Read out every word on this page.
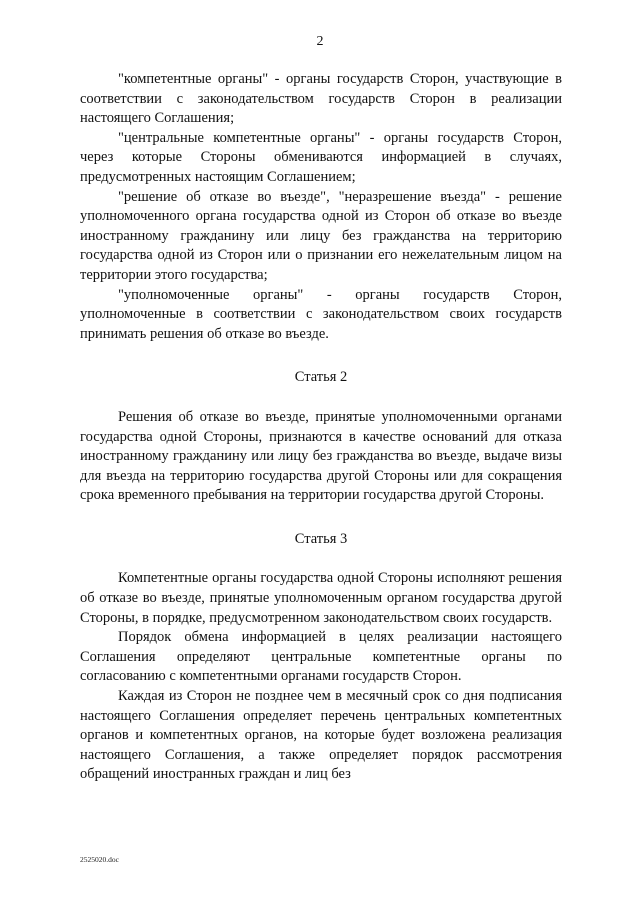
2

"компетентные органы" - органы государств Сторон, участвующие в соответствии с законодательством государств Сторон в реализации настоящего Соглашения;

"центральные компетентные органы" - органы государств Сторон, через которые Стороны обмениваются информацией в случаях, предусмотренных настоящим Соглашением;

"решение об отказе во въезде", "неразрешение въезда" - решение уполномоченного органа государства одной из Сторон об отказе во въезде иностранному гражданину или лицу без гражданства на территорию государства одной из Сторон или о признании его нежелательным лицом на территории этого государства;

"уполномоченные органы" - органы государств Сторон, уполномоченные в соответствии с законодательством своих государств принимать решения об отказе во въезде.

Статья 2

Решения об отказе во въезде, принятые уполномоченными органами государства одной Стороны, признаются в качестве оснований для отказа иностранному гражданину или лицу без гражданства во въезде, выдаче визы для въезда на территорию государства другой Стороны или для сокращения срока временного пребывания на территории государства другой Стороны.

Статья 3

Компетентные органы государства одной Стороны исполняют решения об отказе во въезде, принятые уполномоченным органом государства другой Стороны, в порядке, предусмотренном законодательством своих государств.

Порядок обмена информацией в целях реализации настоящего Соглашения определяют центральные компетентные органы по согласованию с компетентными органами государств Сторон.

Каждая из Сторон не позднее чем в месячный срок со дня подписания настоящего Соглашения определяет перечень центральных компетентных органов и компетентных органов, на которые будет возложена реализация настоящего Соглашения, а также определяет порядок рассмотрения обращений иностранных граждан и лиц без

2525020.doc
